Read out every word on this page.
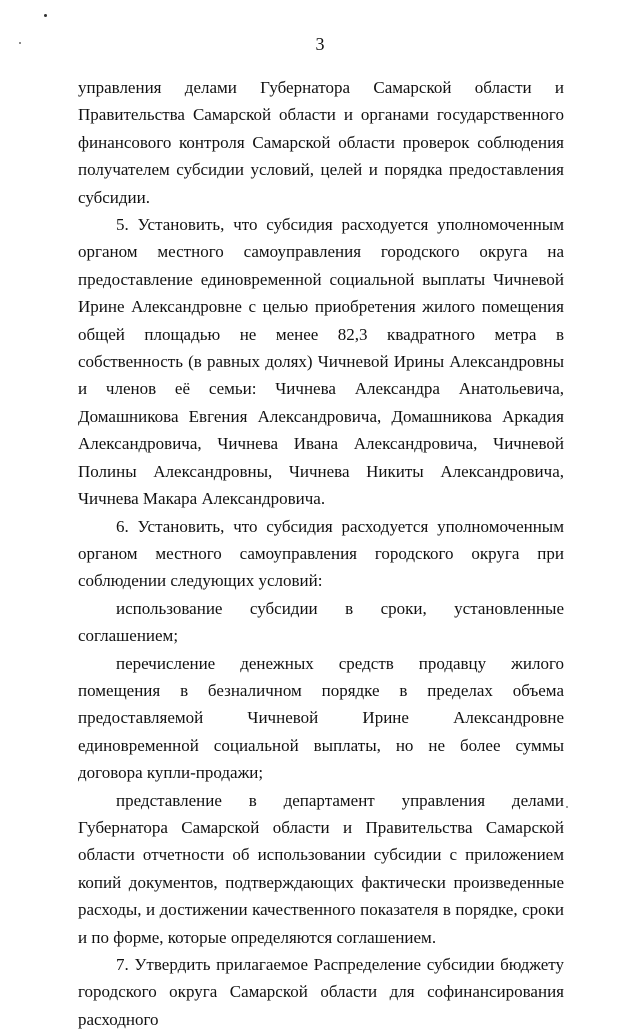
3

управления делами Губернатора Самарской области и Правительства Самарской области и органами государственного финансового контроля Самарской области проверок соблюдения получателем субсидии условий, целей и порядка предоставления субсидии.

5. Установить, что субсидия расходуется уполномоченным органом местного самоуправления городского округа на предоставление единовременной социальной выплаты Чичневой Ирине Александровне с целью приобретения жилого помещения общей площадью не менее 82,3 квадратного метра в собственность (в равных долях) Чичневой Ирины Александровны и членов её семьи: Чичнева Александра Анатольевича, Домашникова Евгения Александровича, Домашникова Аркадия Александровича, Чичнева Ивана Александровича, Чичневой Полины Александровны, Чичнева Никиты Александровича, Чичнева Макара Александровича.

6. Установить, что субсидия расходуется уполномоченным органом местного самоуправления городского округа при соблюдении следующих условий:

использование субсидии в сроки, установленные соглашением;

перечисление денежных средств продавцу жилого помещения в безналичном порядке в пределах объема предоставляемой Чичневой Ирине Александровне единовременной социальной выплаты, но не более суммы договора купли-продажи;

представление в департамент управления делами Губернатора Самарской области и Правительства Самарской области отчетности об использовании субсидии с приложением копий документов, подтверждающих фактически произведенные расходы, и достижении качественного показателя в порядке, сроки и по форме, которые определяются соглашением.

7. Утвердить прилагаемое Распределение субсидии бюджету городского округа Самарской области для софинансирования расходного
